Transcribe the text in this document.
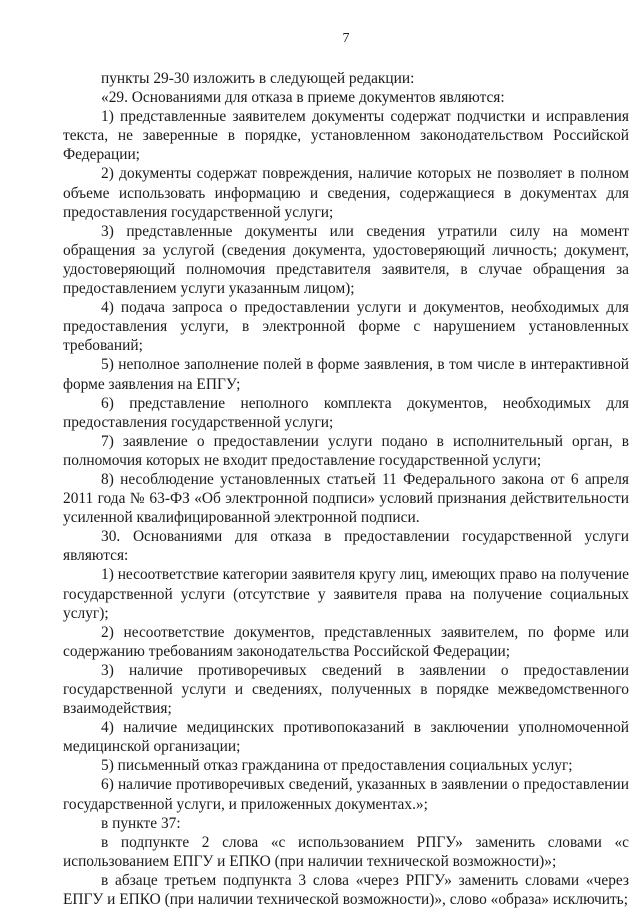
7

пункты 29-30 изложить в следующей редакции:

«29. Основаниями для отказа в приеме документов являются:

1) представленные заявителем документы содержат подчистки и исправления текста, не заверенные в порядке, установленном законодательством Российской Федерации;

2) документы содержат повреждения, наличие которых не позволяет в полном объеме использовать информацию и сведения, содержащиеся в документах для предоставления государственной услуги;

3) представленные документы или сведения утратили силу на момент обращения за услугой (сведения документа, удостоверяющий личность; документ, удостоверяющий полномочия представителя заявителя, в случае обращения за предоставлением услуги указанным лицом);

4) подача запроса о предоставлении услуги и документов, необходимых для предоставления услуги, в электронной форме с нарушением установленных требований;

5) неполное заполнение полей в форме заявления, в том числе в интерактивной форме заявления на ЕПГУ;

6) представление неполного комплекта документов, необходимых для предоставления государственной услуги;

7) заявление о предоставлении услуги подано в исполнительный орган, в полномочия которых не входит предоставление государственной услуги;

8) несоблюдение установленных статьей 11 Федерального закона от 6 апреля 2011 года № 63-ФЗ «Об электронной подписи» условий признания действительности усиленной квалифицированной электронной подписи.

30. Основаниями для отказа в предоставлении государственной услуги являются:

1) несоответствие категории заявителя кругу лиц, имеющих право на получение государственной услуги (отсутствие у заявителя права на получение социальных услуг);

2) несоответствие документов, представленных заявителем, по форме или содержанию требованиям законодательства Российской Федерации;

3) наличие противоречивых сведений в заявлении о предоставлении государственной услуги и сведениях, полученных в порядке межведомственного взаимодействия;

4) наличие медицинских противопоказаний в заключении уполномоченной медицинской организации;

5) письменный отказ гражданина от предоставления социальных услуг;

6) наличие противоречивых сведений, указанных в заявлении о предоставлении государственной услуги, и приложенных документах.»;

в пункте 37:

в подпункте 2 слова «с использованием РПГУ» заменить словами «с использованием ЕПГУ и ЕПКО (при наличии технической возможности)»;

в абзаце третьем подпункта 3 слова «через РПГУ» заменить словами «через ЕПГУ и ЕПКО (при наличии технической возможности)», слово «образа» исключить;
